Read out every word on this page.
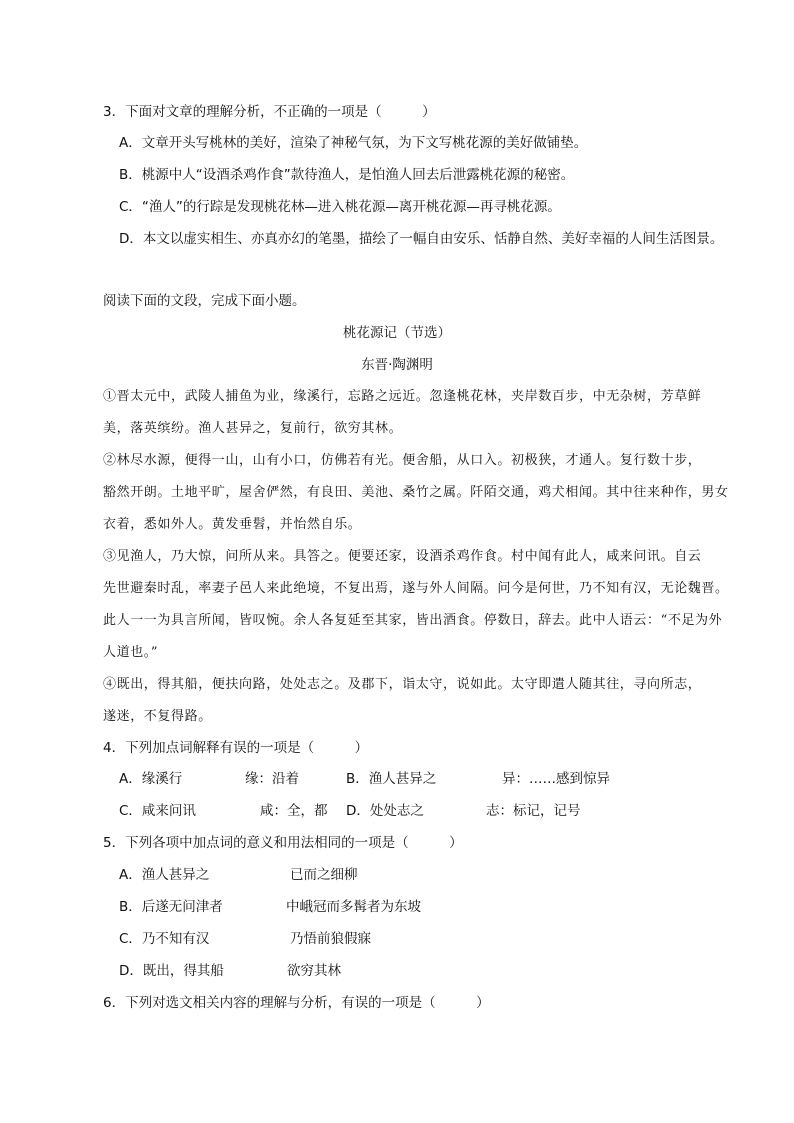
3．下面对文章的理解分析，不正确的一项是（　　　）
A．文章开头写桃林的美好，渲染了神秘气氛，为下文写桃花源的美好做铺垫。
B．桃源中人“设酒杀鸡作食”款待渔人，是怕渔人回去后泄露桃花源的秘密。
C．“渔人”的行踪是发现桃花林—进入桃花源—离开桃花源—再寻桃花源。
D．本文以虚实相生、亦真亦幻的笔墨，描绘了一幅自由安乐、恬静自然、美好幸福的人间生活图景。
阅读下面的文段，完成下面小题。
桃花源记（节选）
东晋·陶渊明
①晋太元中，武陵人捕鱼为业，缘溪行，忘路之远近。忽逢桃花林，夹岸数百步，中无杂树，芳草鲜
美，落英缤纷。渔人甚异之，复前行，欲穷其林。
②林尽水源，便得一山，山有小口，仿佛若有光。便舍船，从口入。初极狭，才通人。复行数十步，
豁然开朗。土地平旷，屋舍俨然，有良田、美池、桑竹之属。阡陌交通，鸡犬相闻。其中往来种作，男女
衣着，悉如外人。黄发垂髫，并怡然自乐。
③见渔人，乃大惊，问所从来。具答之。便要还家，设酒杀鸡作食。村中闻有此人，咸来问讯。自云
先世避秦时乱，率妻子邑人来此绝境，不复出焉，遂与外人间隔。问今是何世，乃不知有汉，无论魏晋。
此人一一为具言所闻，皆叹惋。余人各复延至其家，皆出酒食。停数日，辞去。此中人语云：“不足为外
人道也。”
④既出，得其船，便扶向路，处处志之。及郡下，诣太守，说如此。太守即遣人随其往，寻向所志，
遂迷，不复得路。
4．下列加点词解释有误的一项是（　　　）
A．缘溪行	缘：沿着	B．渔人甚异之	异：……感到惊异
C．咸来问讯	咸：全，都 D．处处志之	志：标记，记号
5．下列各项中加点词的意义和用法相同的一项是（　　　）
A．渔人甚异之	已而之细柳
B．后遂无问津者	中峨冠而多髯者为东坡
C．乃不知有汉	乃悟前狼假寐
D．既出，得其船	欲穷其林
6．下列对选文相关内容的理解与分析，有误的一项是（　　　）
